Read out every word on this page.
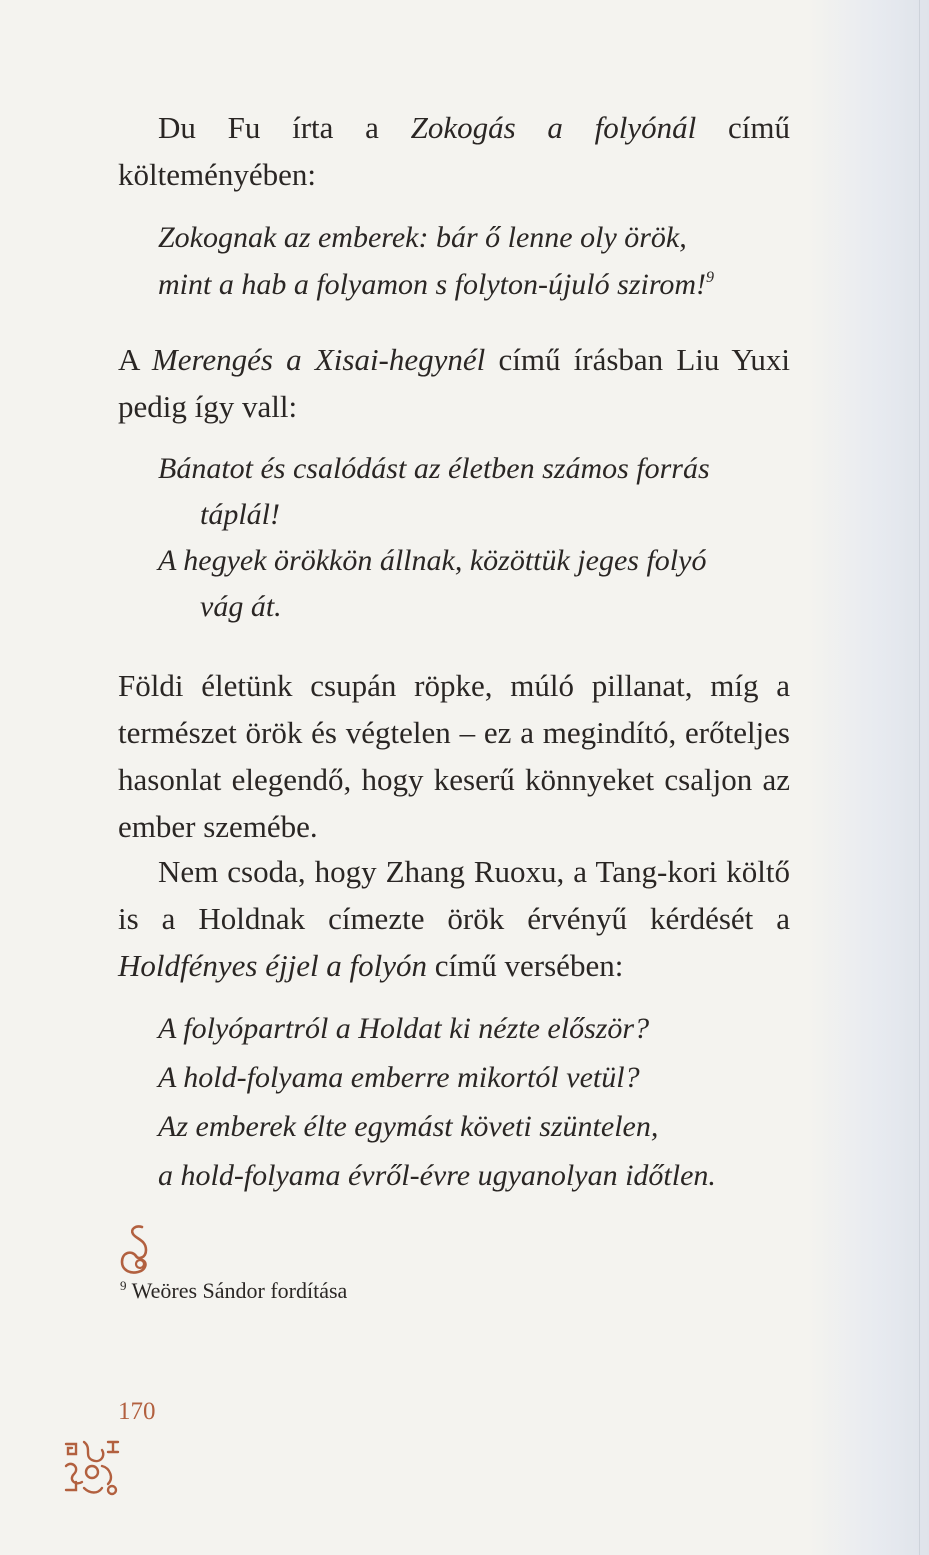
Du Fu írta a Zokogás a folyónál című költeményében:

Zokognak az emberek: bár ő lenne oly örök,
mint a hab a folyamon s folyton-újuló szirom!$^9$

A Merengés a Xisai-hegynél című írásban Liu Yuxi pedig így vall:

Bánatot és csalódást az életben számos forrás
táplál!
A hegyek örökkön állnak, közöttük jeges folyó
vág át.

Földi életünk csupán röpke, múló pillanat, míg a természet örök és végtelen – ez a megindító, erőteljes hasonlat elegendő, hogy keserű könnyeket csaljon az ember szemébe.

Nem csoda, hogy Zhang Ruoxu, a Tang-kori költő is a Holdnak címezte örök érvényű kérdését a Holdfényes éjjel a folyón című versében:

A folyópartról a Holdat ki nézte először?
A hold-folyama emberre mikortól vetül?
Az emberek élte egymást követi szüntelen,
a hold-folyama évről-évre ugyanolyan időtlen.

$^9$ Weöres Sándor fordítása
170
